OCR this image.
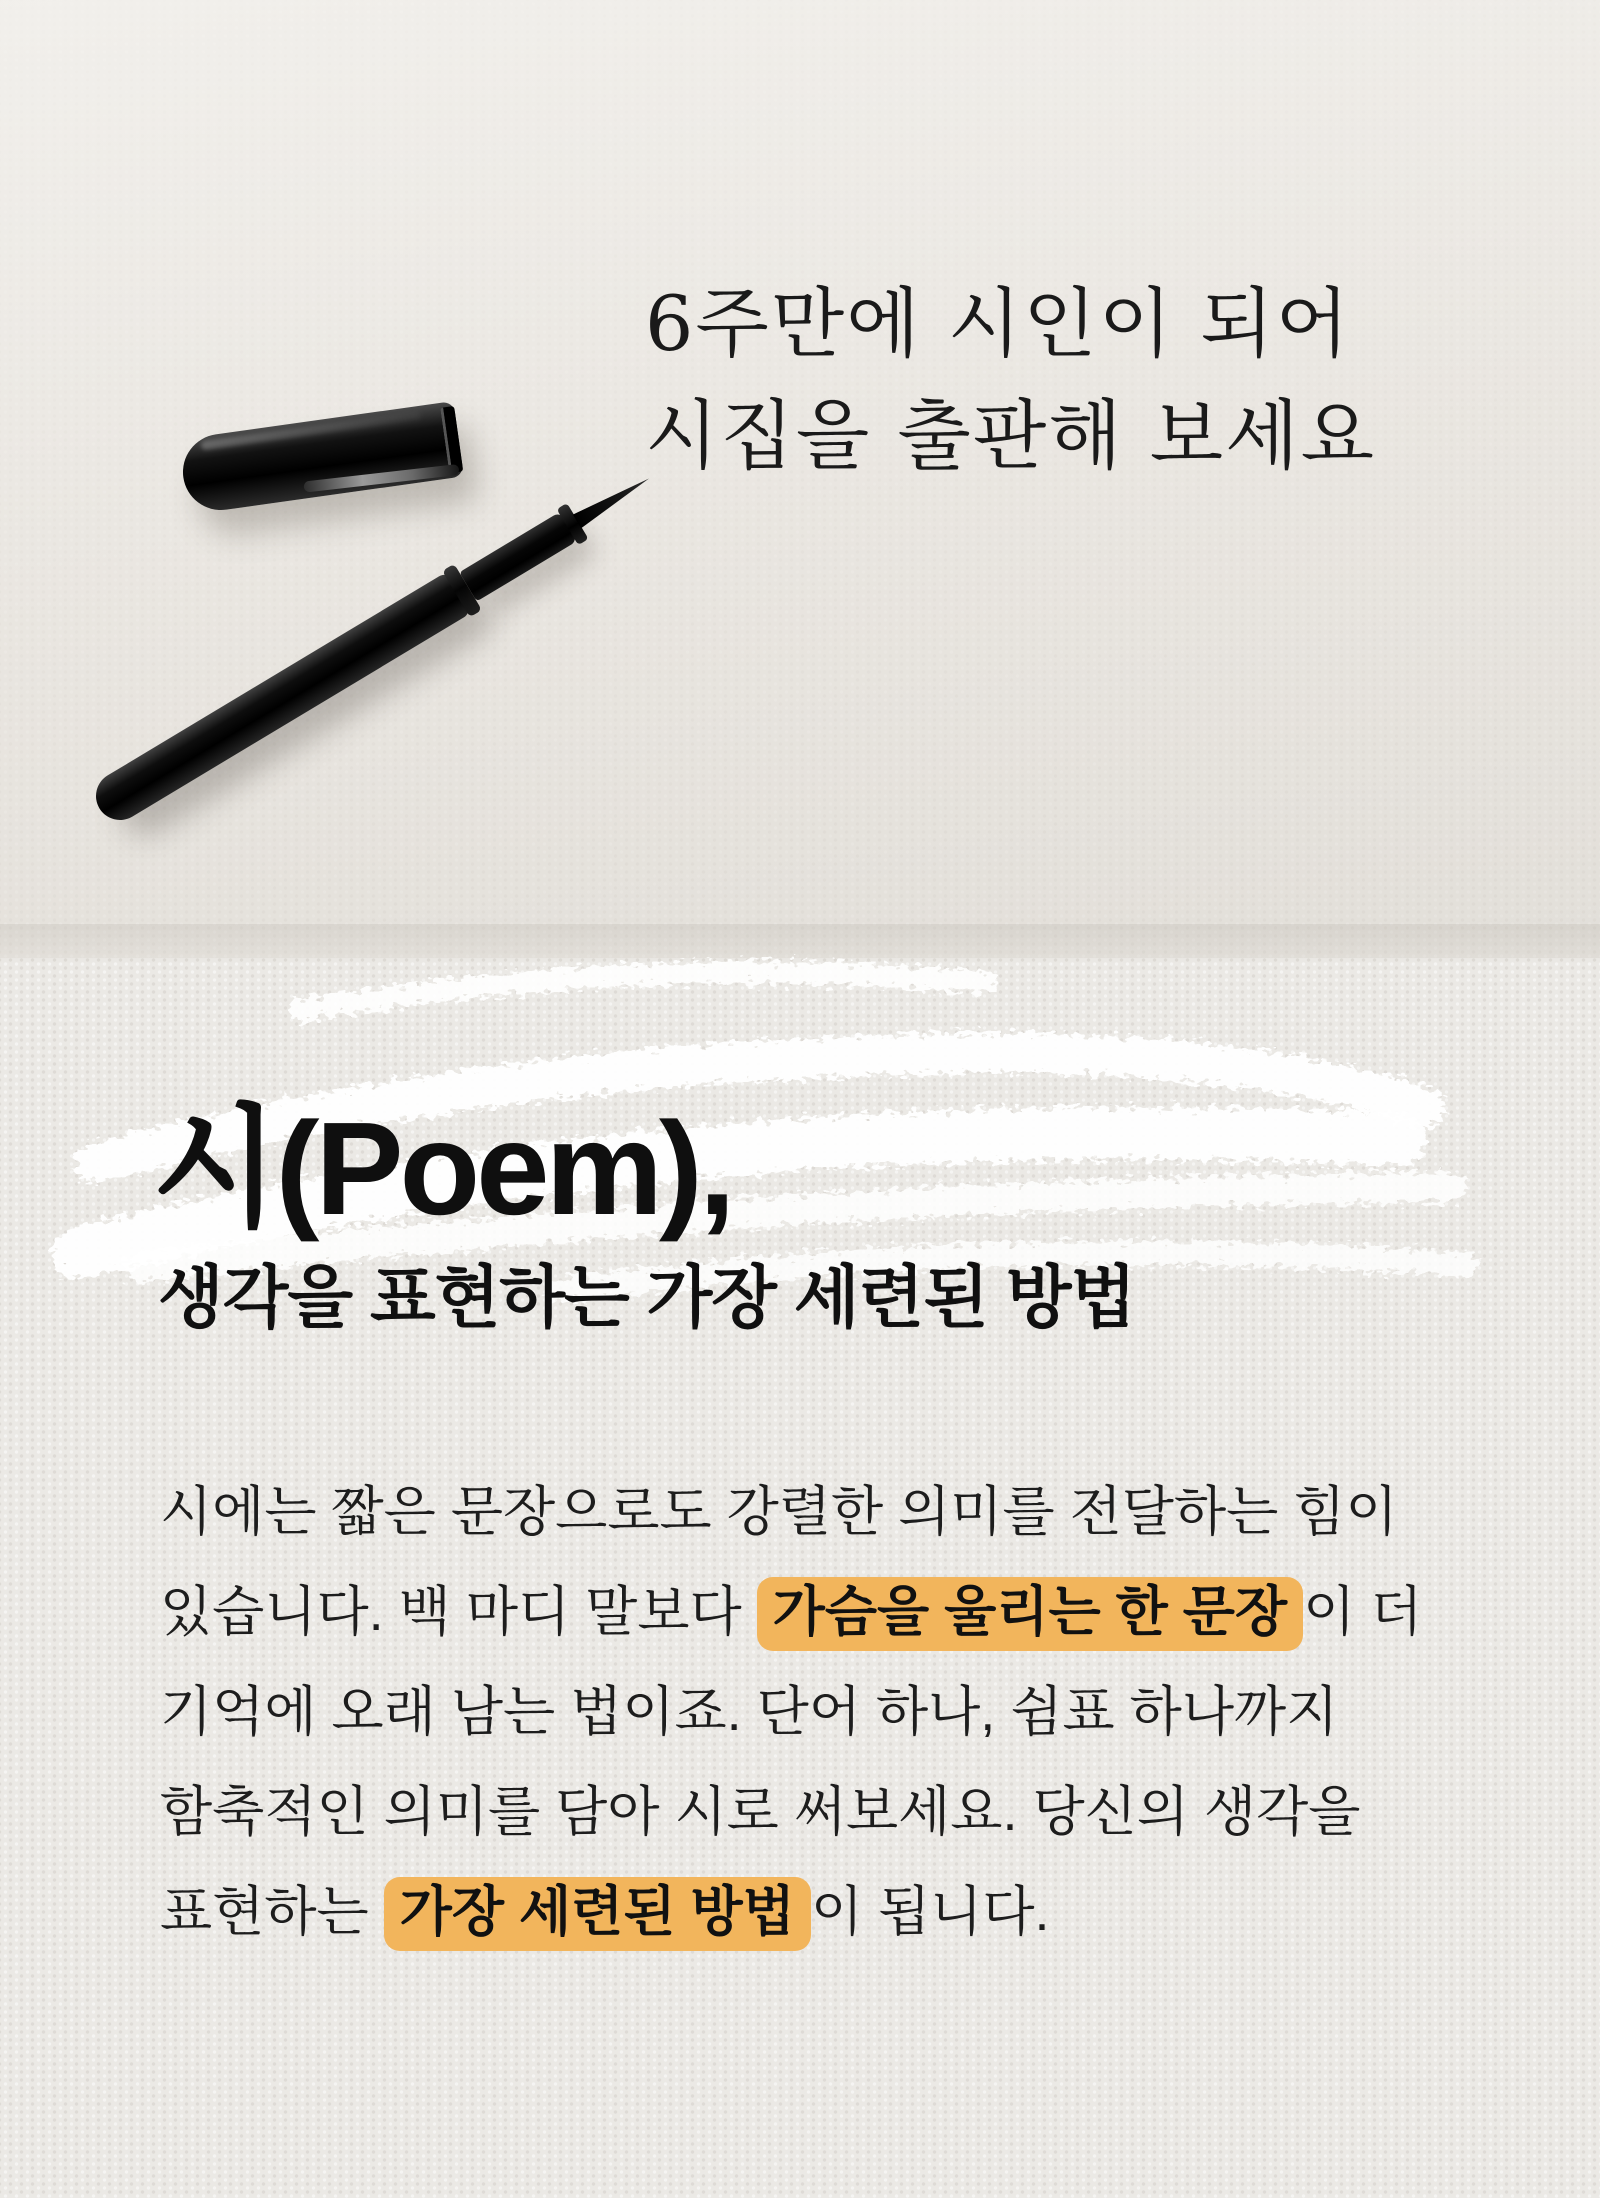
6주만에 시인이 되어
시집을 출판해 보세요
시(Poem),
생각을 표현하는 가장 세련된 방법
시에는 짧은 문장으로도 강렬한 의미를 전달하는 힘이
있습니다. 백 마디 말보다 가슴을 울리는 한 문장 이 더
기억에 오래 남는 법이죠. 단어 하나, 쉼표 하나까지
함축적인 의미를 담아 시로 써보세요. 당신의 생각을
표현하는 가장 세련된 방법 이 됩니다.
